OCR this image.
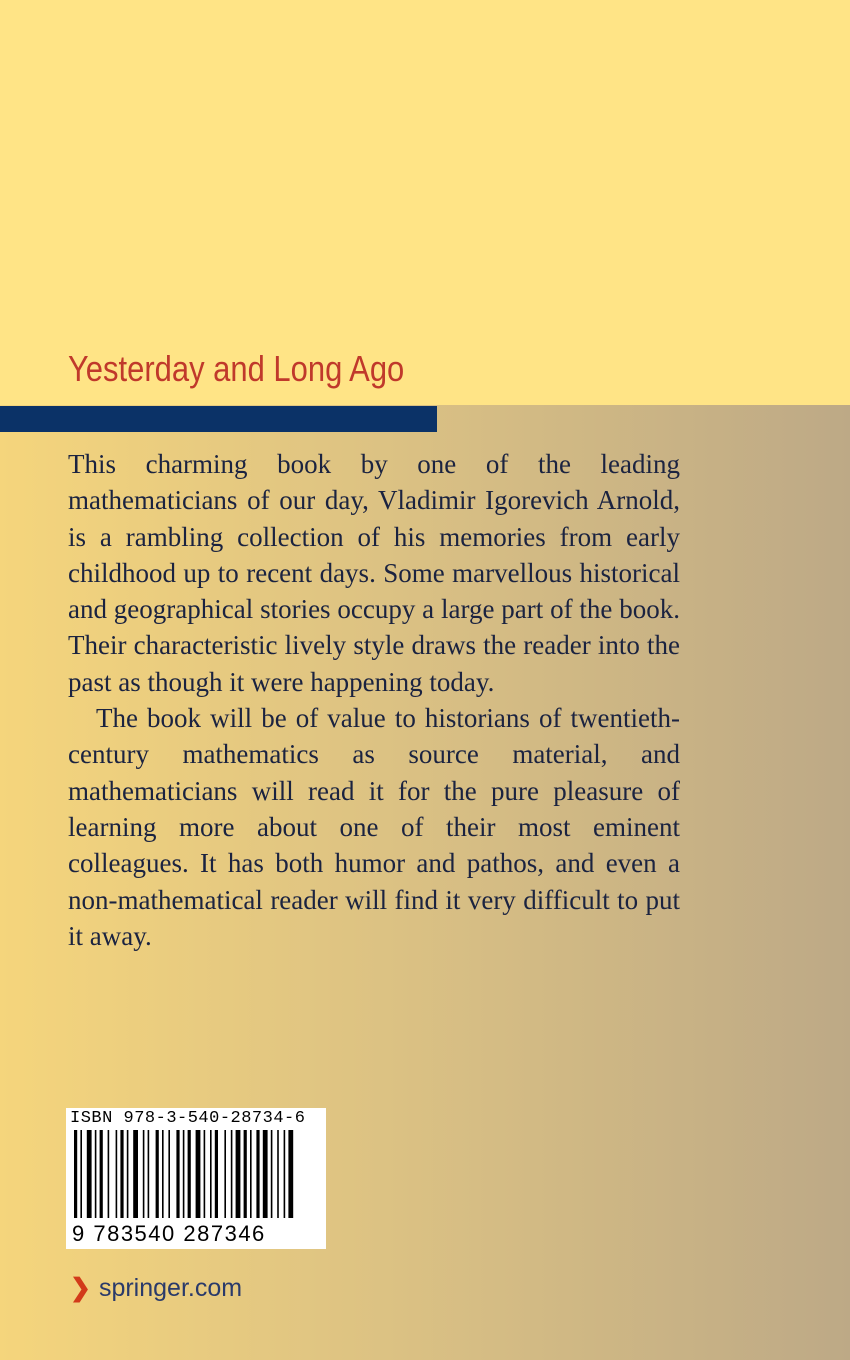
Yesterday and Long Ago

This charming book by one of the leading mathematicians of our day, Vladimir Igorevich Arnold, is a rambling collection of his memories from early childhood up to recent days. Some marvellous historical and geographical stories occupy a large part of the book. Their characteristic lively style draws the reader into the past as though it were happening today.

The book will be of value to historians of twentieth-century mathematics as source material, and mathematicians will read it for the pure pleasure of learning more about one of their most eminent colleagues. It has both humor and pathos, and even a non-mathematical reader will find it very difficult to put it away.

ISBN 978-3-540-28734-6
9 783540 287346
❯ springer.com
